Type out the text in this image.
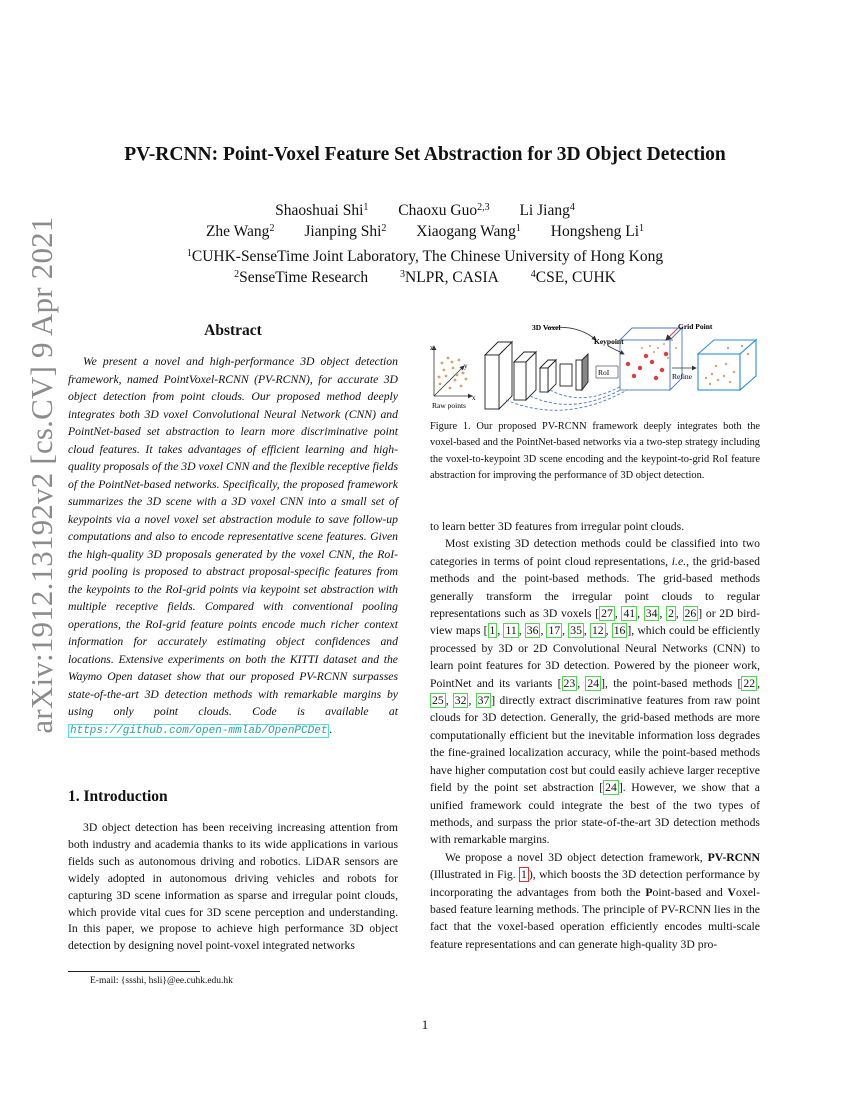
arXiv:1912.13192v2 [cs.CV] 9 Apr 2021
PV-RCNN: Point-Voxel Feature Set Abstraction for 3D Object Detection
Shaoshuai Shi$^1$ Chaoxu Guo$^{2,3}$ Li Jiang$^4$
Zhe Wang$^2$ Jianping Shi$^2$ Xiaogang Wang$^1$ Hongsheng Li$^1$
$^1$CUHK-SenseTime Joint Laboratory, The Chinese University of Hong Kong
$^2$SenseTime Research	$^3$NLPR, CASIA	$^4$CSE, CUHK
Abstract
We present a novel and high-performance 3D object detection framework, named PointVoxel-RCNN (PV-RCNN), for accurate 3D object detection from point clouds. Our proposed method deeply integrates both 3D voxel Convolutional Neural Network (CNN) and PointNet-based set abstraction to learn more discriminative point cloud features. It takes advantages of efficient learning and high-quality proposals of the 3D voxel CNN and the flexible receptive fields of the PointNet-based networks. Specifically, the proposed framework summarizes the 3D scene with a 3D voxel CNN into a small set of keypoints via a novel voxel set abstraction module to save follow-up computations and also to encode representative scene features. Given the high-quality 3D proposals generated by the voxel CNN, the RoI-grid pooling is proposed to abstract proposal-specific features from the keypoints to the RoI-grid points via keypoint set abstraction with multiple receptive fields. Compared with conventional pooling operations, the RoI-grid feature points encode much richer context information for accurately estimating object confidences and locations. Extensive experiments on both the KITTI dataset and the Waymo Open dataset show that our proposed PV-RCNN surpasses state-of-the-art 3D detection methods with remarkable margins by using only point clouds. Code is available at https://github.com/open-mmlab/OpenPCDet .
1. Introduction
3D object detection has been receiving increasing attention from both industry and academia thanks to its wide applications in various fields such as autonomous driving and robotics. LiDAR sensors are widely adopted in autonomous driving vehicles and robots for capturing 3D scene information as sparse and irregular point clouds, which provide vital cues for 3D scene perception and understanding. In this paper, we propose to achieve high performance 3D object detection by designing novel point-voxel integrated networks
E-mail: {ssshi, hsli}@ee.cuhk.edu.hk
z
y
x
Raw points
3D Voxel
RoI
Keypoint
Grid Point
Refine
Figure 1. Our proposed PV-RCNN framework deeply integrates both the voxel-based and the PointNet-based networks via a two-step strategy including the voxel-to-keypoint 3D scene encoding and the keypoint-to-grid RoI feature abstraction for improving the performance of 3D object detection.

to learn better 3D features from irregular point clouds.

Most existing 3D detection methods could be classified into two categories in terms of point cloud representations, i.e., the grid-based methods and the point-based methods. The grid-based methods generally transform the irregular point clouds to regular representations such as 3D voxels [ 27 , 41 , 34 , 2 , 26 ] or 2D bird-view maps [ 1 , 11 , 36 , 17 , 35 , 12 , 16 ], which could be efficiently processed by 3D or 2D Convolutional Neural Networks (CNN) to learn point features for 3D detection. Powered by the pioneer work, PointNet and its variants [ 23 , 24 ], the point-based methods [ 22 , 25 , 32 , 37 ] directly extract discriminative features from raw point clouds for 3D detection. Generally, the grid-based methods are more computationally efficient but the inevitable information loss degrades the fine-grained localization accuracy, while the point-based methods have higher computation cost but could easily achieve larger receptive field by the point set abstraction [ 24 ]. However, we show that a unified framework could integrate the best of the two types of methods, and surpass the prior state-of-the-art 3D detection methods with remarkable margins.

We propose a novel 3D object detection framework, PV-RCNN (Illustrated in Fig. 1 ), which boosts the 3D detection performance by incorporating the advantages from both the Point-based and Voxel-based feature learning methods. The principle of PV-RCNN lies in the fact that the voxel-based operation efficiently encodes multi-scale feature representations and can generate high-quality 3D pro-

1
